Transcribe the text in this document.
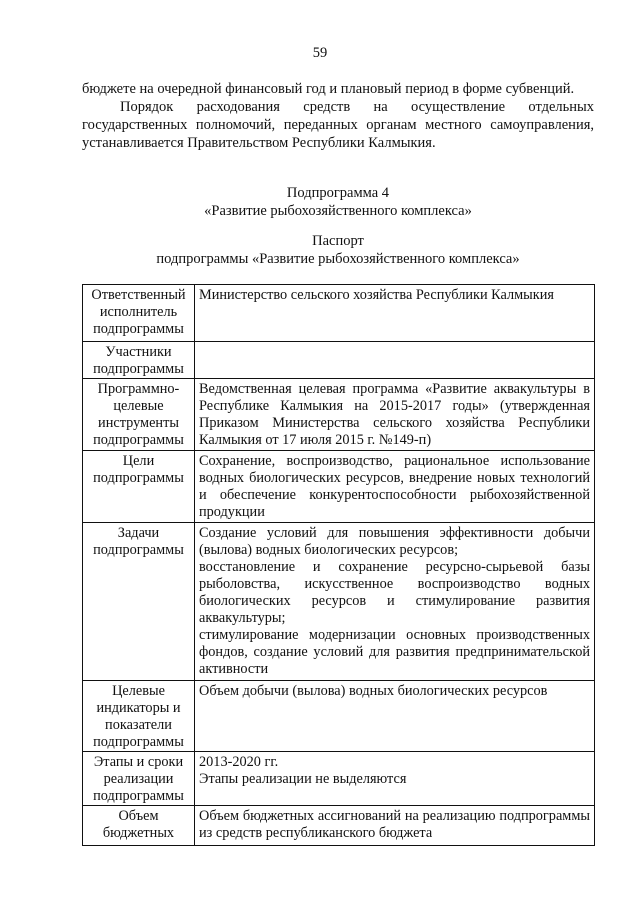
59

бюджете на очередной финансовый год и плановый период в форме субвенций.

Порядок расходования средств на осуществление отдельных государственных полномочий, переданных органам местного самоуправления, устанавливается Правительством Республики Калмыкия.

Подпрограмма 4
«Развитие рыбохозяйственного комплекса»
Паспорт
подпрограммы «Развитие рыбохозяйственного комплекса»
Ответственный исполнитель подпрограммы	Министерство сельского хозяйства Республики Калмыкия

Участники подпрограммы	

Программно-целевые инструменты подпрограммы	Ведомственная целевая программа «Развитие аквакультуры в Республике Калмыкия на 2015-2017 годы» (утвержденная Приказом Министерства сельского хозяйства Республики Калмыкия от 17 июля 2015 г. №149-п)

Цели подпрограммы	Сохранение, воспроизводство, рациональное использование водных биологических ресурсов, внедрение новых технологий и обеспечение конкурентоспособности рыбохозяйственной продукции

Задачи подпрограммы	Создание условий для повышения эффективности добычи (вылова) водных биологических ресурсов;
восстановление и сохранение ресурсно-сырьевой базы рыболовства, искусственное воспроизводство водных биологических ресурсов и стимулирование развития аквакультуры;
стимулирование модернизации основных производственных фондов, создание условий для развития предпринимательской активности

Целевые индикаторы и показатели подпрограммы	Объем добычи (вылова) водных биологических ресурсов

Этапы и сроки реализации подпрограммы	2013-2020 гг.
Этапы реализации не выделяются

Объем бюджетных	Объем бюджетных ассигнований на реализацию подпрограммы из средств республиканского бюджета
